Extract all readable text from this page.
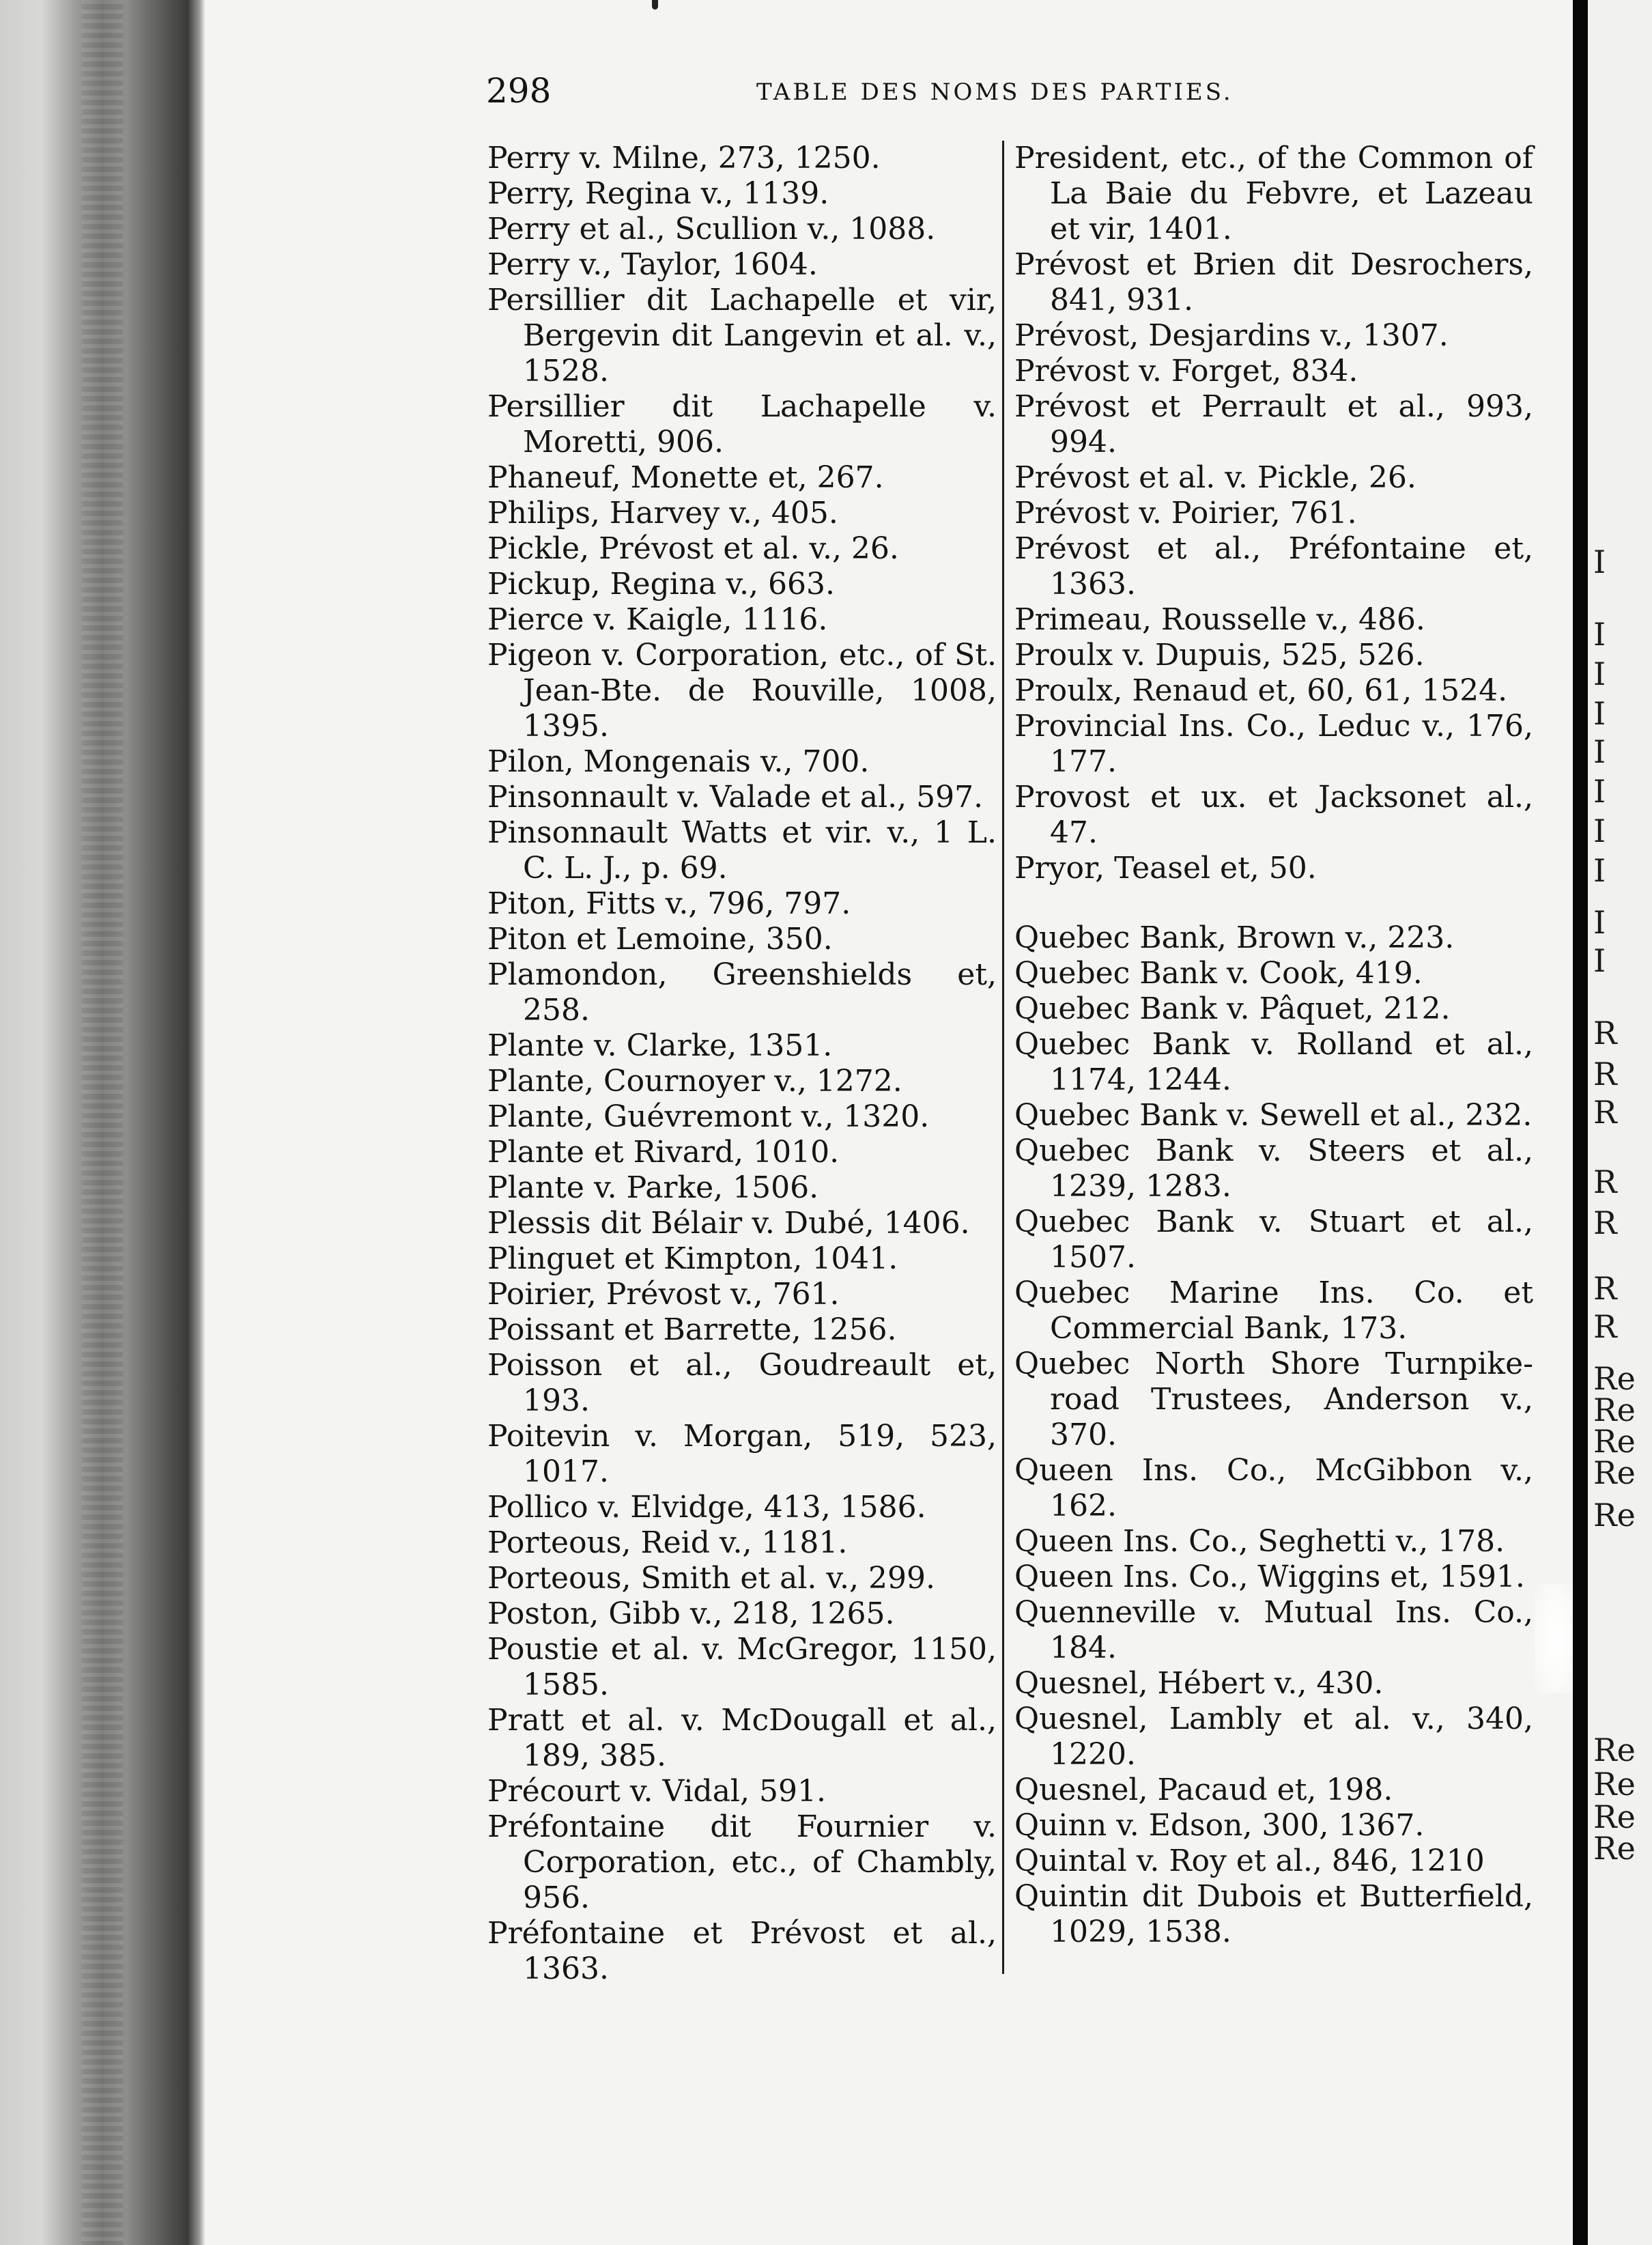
298	TABLE DES NOMS DES PARTIES.
Perry v. Milne, 273, 1250.
Perry, Regina v., 1139.
Perry et al., Scullion v., 1088.
Perry v., Taylor, 1604.
Persillier dit Lachapelle et vir, Bergevin dit Langevin et al. v., 1528.
Persillier dit Lachapelle v. Moretti, 906.
Phaneuf, Monette et, 267.
Philips, Harvey v., 405.
Pickle, Prévost et al. v., 26.
Pickup, Regina v., 663.
Pierce v. Kaigle, 1116.
Pigeon v. Corporation, etc., of St. Jean-Bte. de Rouville, 1008, 1395.
Pilon, Mongenais v., 700.
Pinsonnault v. Valade et al., 597.
Pinsonnault Watts et vir. v., 1 L. C. L. J., p. 69.
Piton, Fitts v., 796, 797.
Piton et Lemoine, 350.
Plamondon, Greenshields et, 258.
Plante v. Clarke, 1351.
Plante, Cournoyer v., 1272.
Plante, Guévremont v., 1320.
Plante et Rivard, 1010.
Plante v. Parke, 1506.
Plessis dit Bélair v. Dubé, 1406.
Plinguet et Kimpton, 1041.
Poirier, Prévost v., 761.
Poissant et Barrette, 1256.
Poisson et al., Goudreault et, 193.
Poitevin v. Morgan, 519, 523, 1017.
Pollico v. Elvidge, 413, 1586.
Porteous, Reid v., 1181.
Porteous, Smith et al. v., 299.
Poston, Gibb v., 218, 1265.
Poustie et al. v. McGregor, 1150, 1585.
Pratt et al. v. McDougall et al., 189, 385.
Précourt v. Vidal, 591.
Préfontaine dit Fournier v. Corporation, etc., of Chambly, 956.
Préfontaine et Prévost et al., 1363.
President, etc., of the Common of La Baie du Febvre, et Lazeau et vir, 1401.
Prévost et Brien dit Desrochers, 841, 931.
Prévost, Desjardins v., 1307.
Prévost v. Forget, 834.
Prévost et Perrault et al., 993, 994.
Prévost et al. v. Pickle, 26.
Prévost v. Poirier, 761.
Prévost et al., Préfontaine et, 1363.
Primeau, Rousselle v., 486.
Proulx v. Dupuis, 525, 526.
Proulx, Renaud et, 60, 61, 1524.
Provincial Ins. Co., Leduc v., 176, 177.
Provost et ux. et Jacksonet al., 47.
Pryor, Teasel et, 50.
Quebec Bank, Brown v., 223.
Quebec Bank v. Cook, 419.
Quebec Bank v. Pâquet, 212.
Quebec Bank v. Rolland et al., 1174, 1244.
Quebec Bank v. Sewell et al., 232.
Quebec Bank v. Steers et al., 1239, 1283.
Quebec Bank v. Stuart et al., 1507.
Quebec Marine Ins. Co. et Commercial Bank, 173.
Quebec North Shore Turnpike-road Trustees, Anderson v., 370.
Queen Ins. Co., McGibbon v., 162.
Queen Ins. Co., Seghetti v., 178.
Queen Ins. Co., Wiggins et, 1591.
Quenneville v. Mutual Ins. Co., 184.
Quesnel, Hébert v., 430.
Quesnel, Lambly et al. v., 340, 1220.
Quesnel, Pacaud et, 198.
Quinn v. Edson, 300, 1367.
Quintal v. Roy et al., 846, 1210
Quintin dit Dubois et Butterfield, 1029, 1538.
I
I
I
I
I
I
I
I
I
I
R
R
R
R
R
R
R
Re
Re
Re
Re
Re
Re
Re
Re
Re
